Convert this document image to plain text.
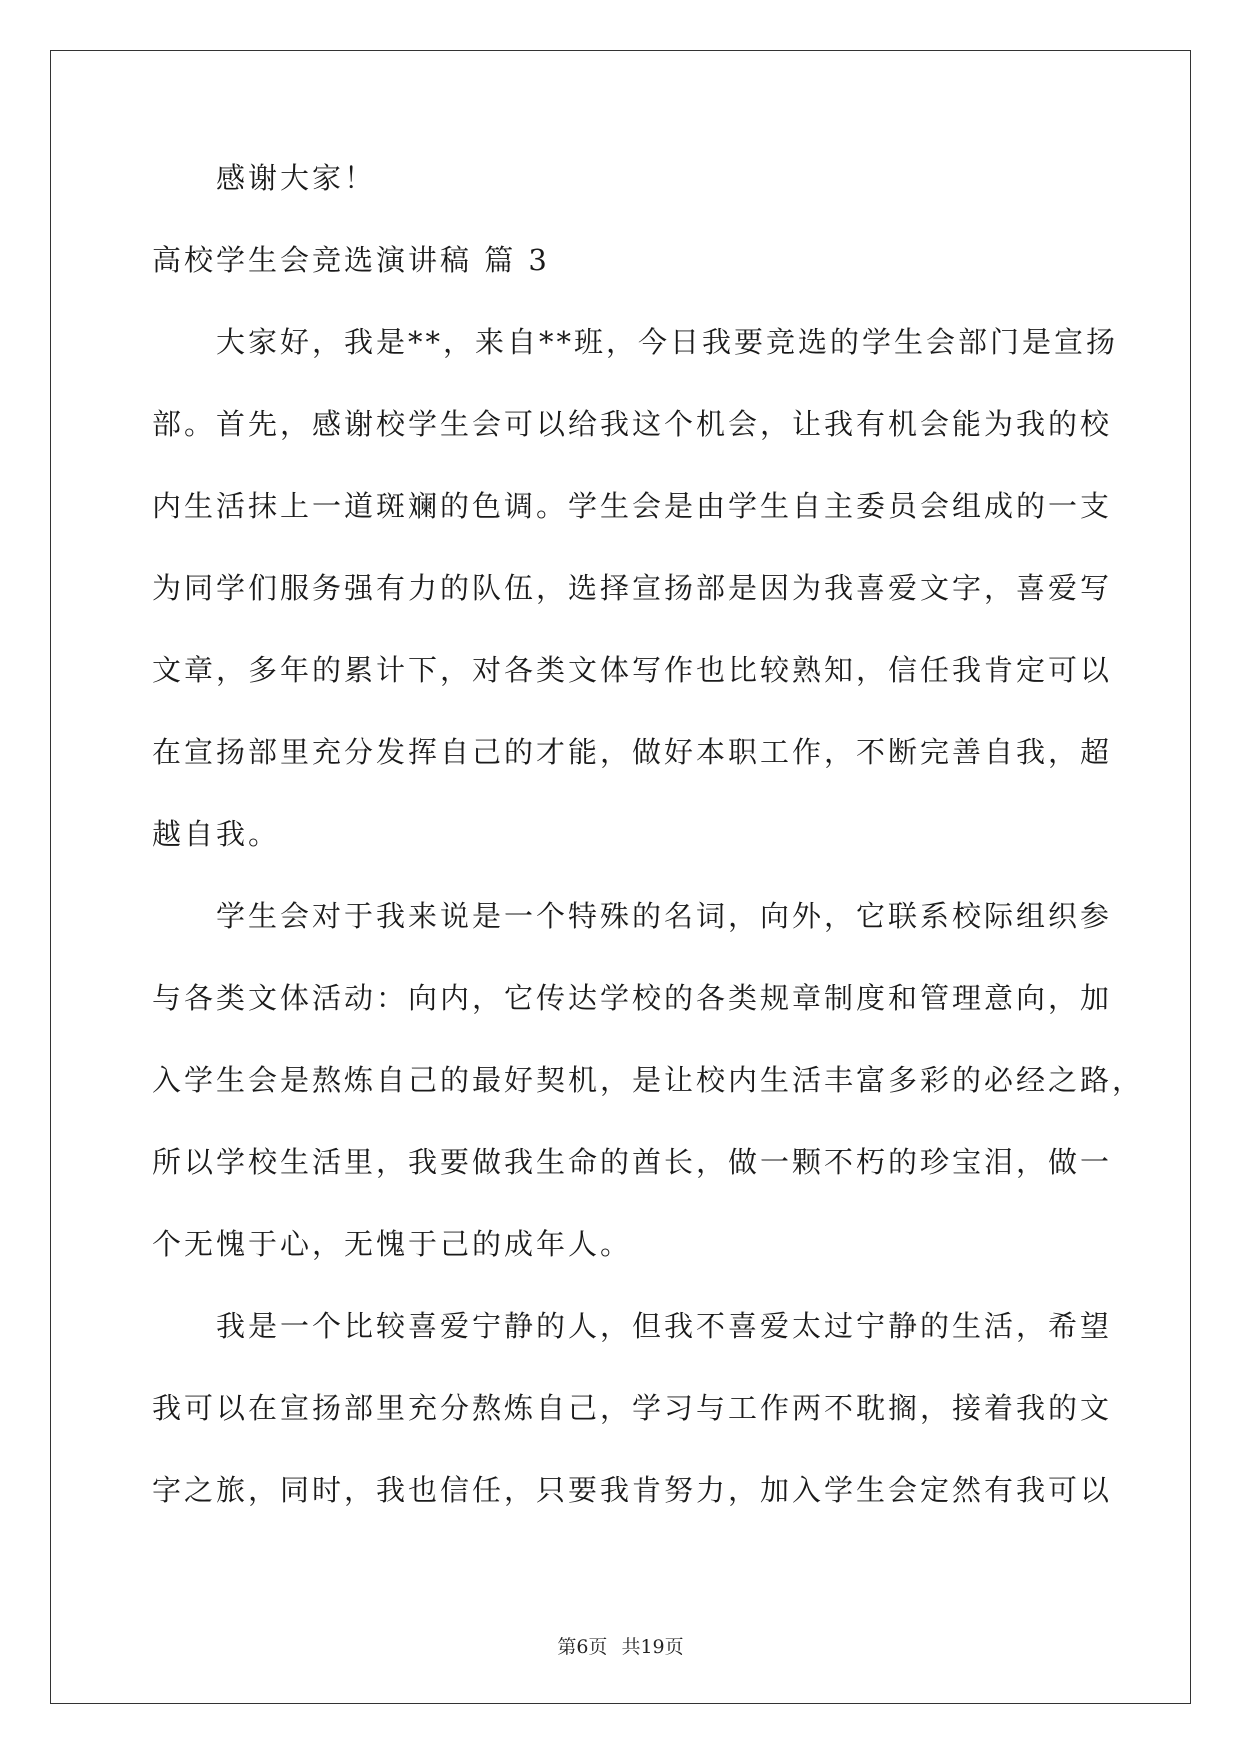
感谢大家！

高校学生会竞选演讲稿 篇 3

大家好，我是**，来自**班，今日我要竞选的学生会部门是宣扬
部。首先，感谢校学生会可以给我这个机会，让我有机会能为我的校
内生活抹上一道斑斓的色调。学生会是由学生自主委员会组成的一支
为同学们服务强有力的队伍，选择宣扬部是因为我喜爱文字，喜爱写
文章，多年的累计下，对各类文体写作也比较熟知，信任我肯定可以
在宣扬部里充分发挥自己的才能，做好本职工作，不断完善自我，超
越自我。

学生会对于我来说是一个特殊的名词，向外，它联系校际组织参
与各类文体活动：向内，它传达学校的各类规章制度和管理意向，加
入学生会是熬炼自己的最好契机，是让校内生活丰富多彩的必经之路，
所以学校生活里，我要做我生命的酋长，做一颗不朽的珍宝泪，做一
个无愧于心，无愧于己的成年人。

我是一个比较喜爱宁静的人，但我不喜爱太过宁静的生活，希望
我可以在宣扬部里充分熬炼自己，学习与工作两不耽搁，接着我的文
字之旅，同时，我也信任，只要我肯努力，加入学生会定然有我可以

第6页 共19页
